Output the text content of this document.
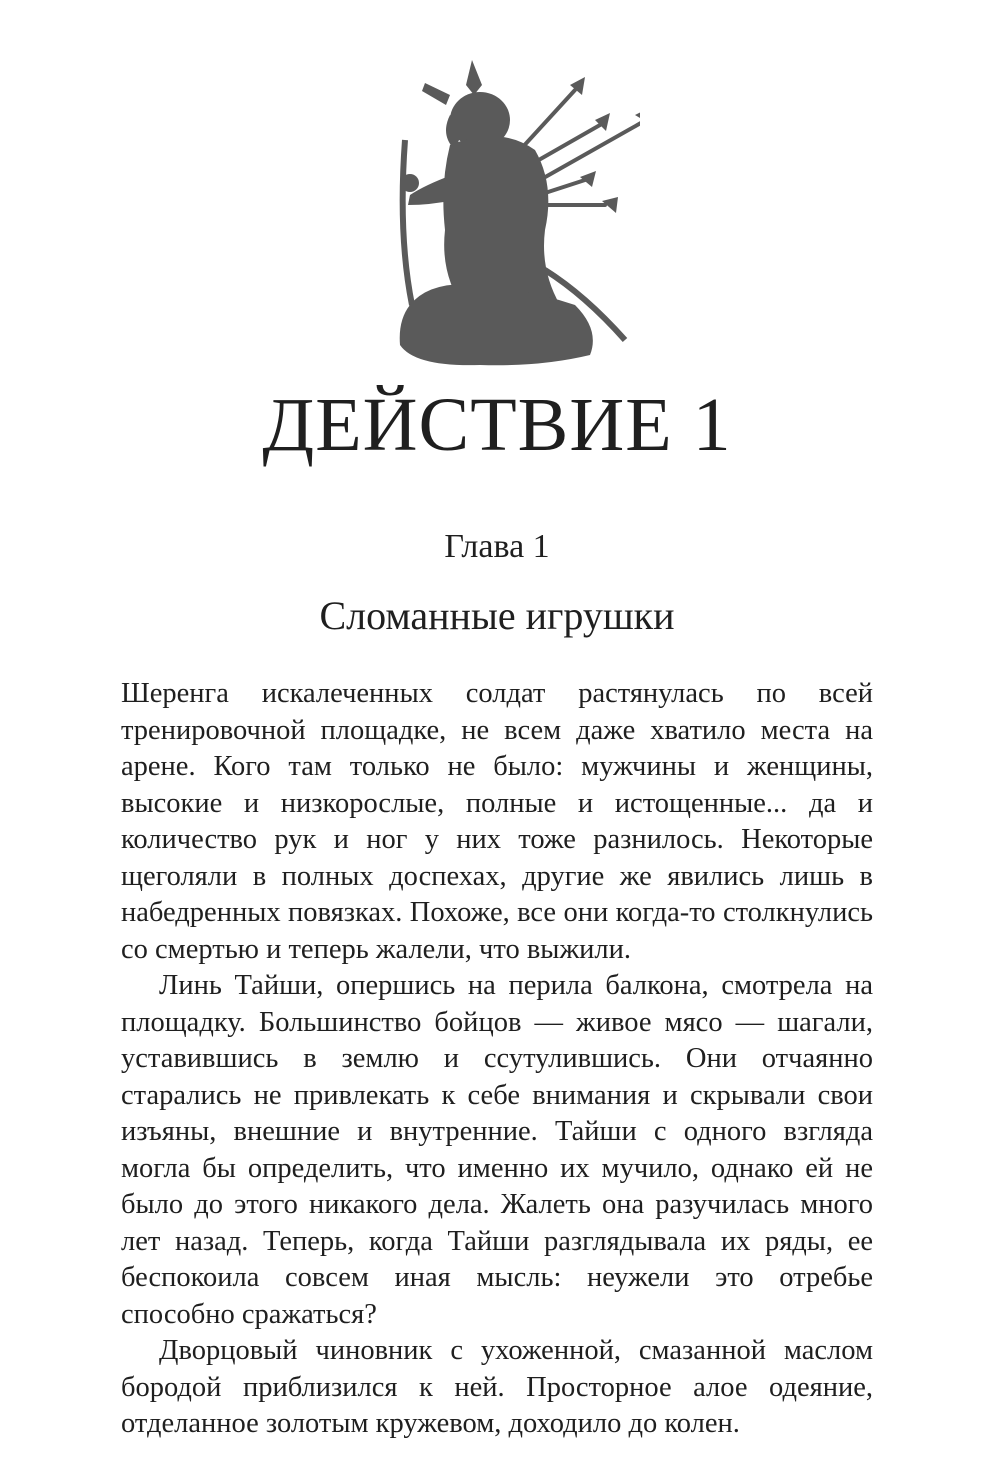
ДЕЙСТВИЕ 1
Глава 1
Сломанные игрушки

Шеренга искалеченных солдат растянулась по всей тренировочной площадке, не всем даже хватило места на арене. Кого там только не было: мужчины и женщины, высокие и низкорослые, полные и истощенные... да и количество рук и ног у них тоже разнилось. Некоторые щеголяли в полных доспехах, другие же явились лишь в набедренных повязках. Похоже, все они когда-то столкнулись со смертью и теперь жалели, что выжили.

Линь Тайши, опершись на перила балкона, смотрела на площадку. Большинство бойцов — живое мясо — шагали, уставившись в землю и ссутулившись. Они отчаянно старались не привлекать к себе внимания и скрывали свои изъяны, внешние и внутренние. Тайши с одного взгляда могла бы определить, что именно их мучило, однако ей не было до этого никакого дела. Жалеть она разучилась много лет назад. Теперь, когда Тайши разглядывала их ряды, ее беспокоила совсем иная мысль: неужели это отребье способно сражаться?

Дворцовый чиновник с ухоженной, смазанной маслом бородой приблизился к ней. Просторное алое одеяние, отделанное золотым кружевом, доходило до колен.
